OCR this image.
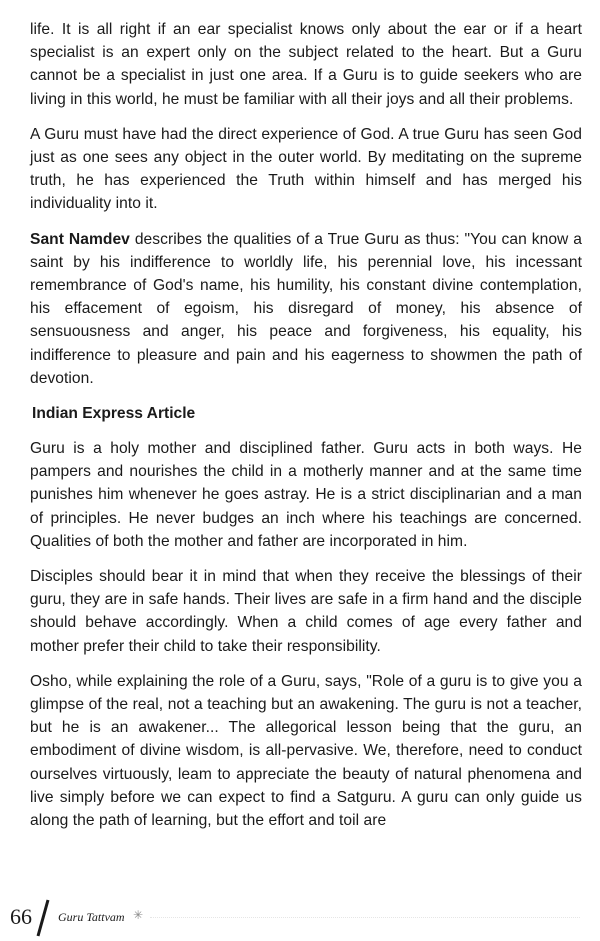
life. It is all right if an ear specialist knows only about the ear or if a heart specialist is an expert only on the subject related to the heart. But a Guru cannot be a specialist in just one area. If a Guru is to guide seekers who are living in this world, he must be familiar with all their joys and all their problems.

A Guru must have had the direct experience of God. A true Guru has seen God just as one sees any object in the outer world. By meditating on the supreme truth, he has experienced the Truth within himself and has merged his individuality into it.

Sant Namdev describes the qualities of a True Guru as thus: "You can know a saint by his indifference to worldly life, his perennial love, his incessant remembrance of God's name, his humility, his constant divine contemplation, his effacement of egoism, his disregard of money, his absence of sensuousness and anger, his peace and forgiveness, his equality, his indifference to pleasure and pain and his eagerness to showmen the path of devotion.

Indian Express Article

Guru is a holy mother and disciplined father. Guru acts in both ways. He pampers and nourishes the child in a motherly manner and at the same time punishes him whenever he goes astray. He is a strict disciplinarian and a man of principles. He never budges an inch where his teachings are concerned. Qualities of both the mother and father are incorporated in him.

Disciples should bear it in mind that when they receive the blessings of their guru, they are in safe hands. Their lives are safe in a firm hand and the disciple should behave accordingly. When a child comes of age every father and mother prefer their child to take their responsibility.

Osho, while explaining the role of a Guru, says, "Role of a guru is to give you a glimpse of the real, not a teaching but an awakening. The guru is not a teacher, but he is an awakener... The allegorical lesson being that the guru, an embodiment of divine wisdom, is all-pervasive. We, therefore, need to conduct ourselves virtuously, leam to appreciate the beauty of natural phenomena and live simply before we can expect to find a Satguru. A guru can only guide us along the path of learning, but the effort and toil are

66 Guru Tattvam ✳
